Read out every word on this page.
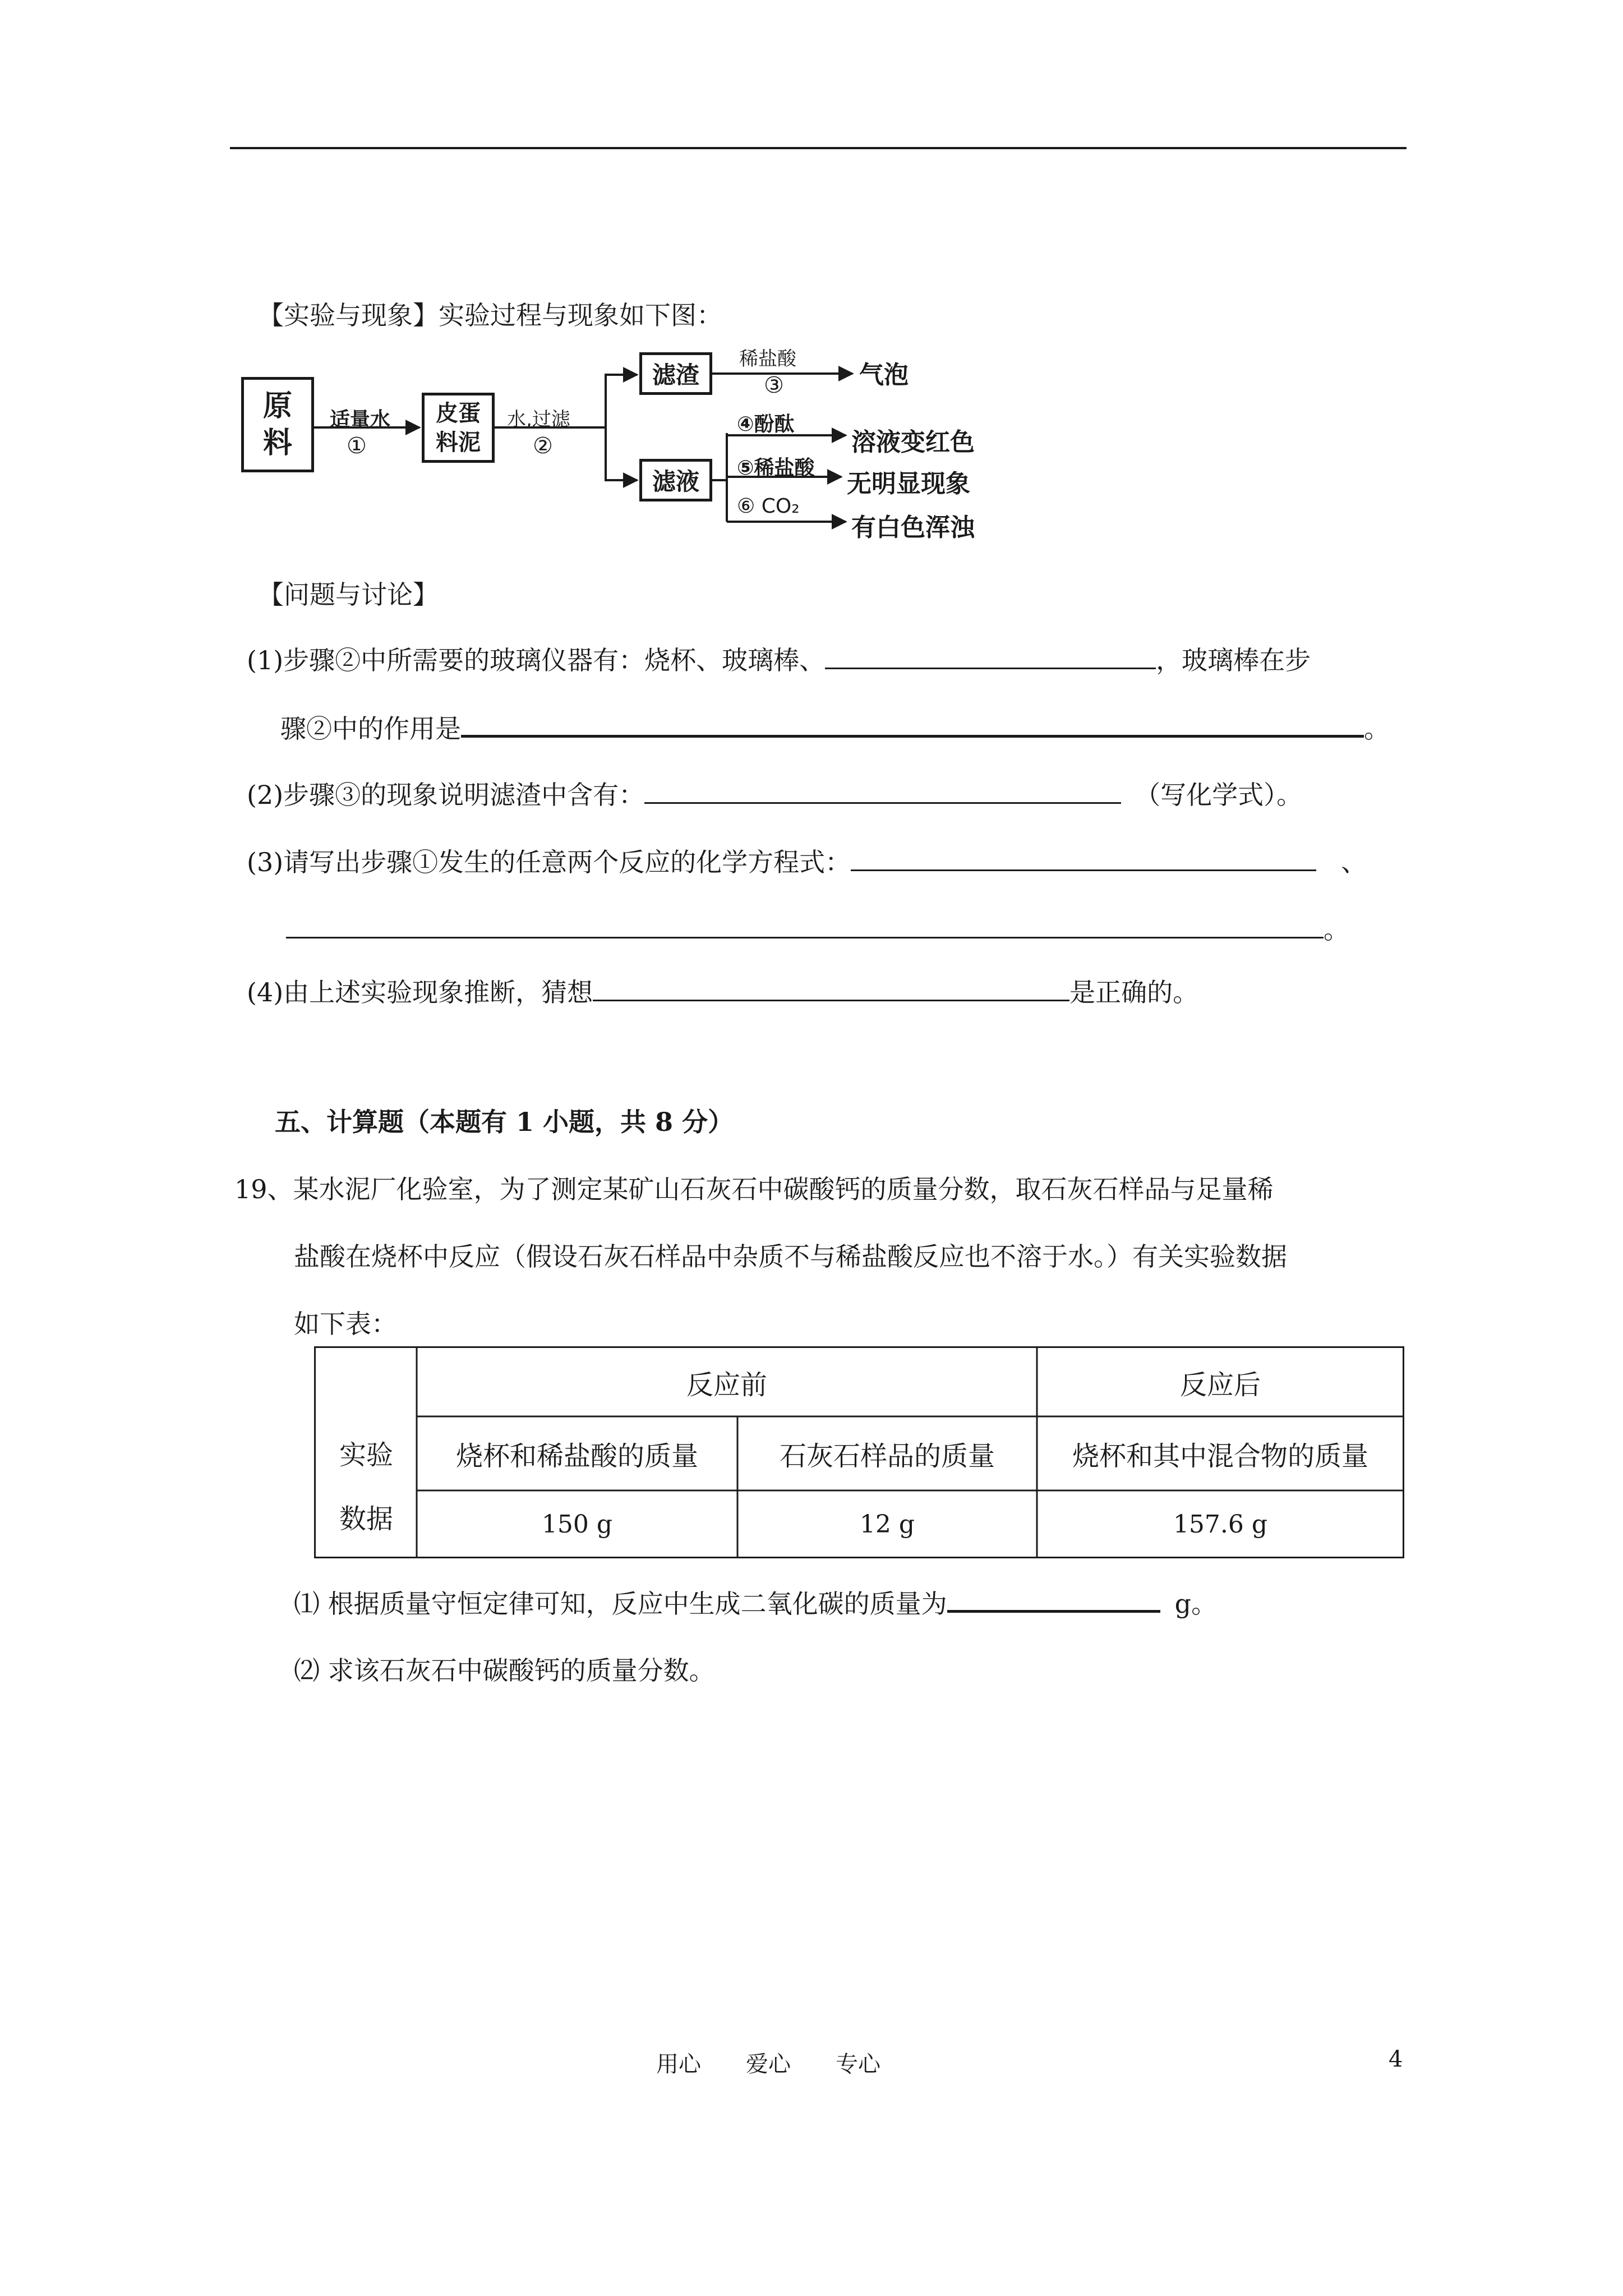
【实验与现象】实验过程与现象如下图：
原
料
适量水
①
皮蛋
料泥
水,过滤
②
滤渣
稀盐酸
③	气泡
滤液
④酚酞
溶液变红色
⑤稀盐酸
无明显现象
⑥ CO₂
有白色浑浊
【问题与讨论】
(1)步骤②中所需要的玻璃仪器有：烧杯、玻璃棒、	，玻璃棒在步
骤②中的作用是	。
(2)步骤③的现象说明滤渣中含有：	（写化学式）。
(3)请写出步骤①发生的任意两个反应的化学方程式：	、
。
(4)由上述实验现象推断，猜想	是正确的。
五、计算题（本题有 1 小题，共 8 分）
19、某水泥厂化验室，为了测定某矿山石灰石中碳酸钙的质量分数，取石灰石样品与足量稀
盐酸在烧杯中反应（假设石灰石样品中杂质不与稀盐酸反应也不溶于水。）有关实验数据
如下表：
反应前	反应后
实验
数据
烧杯和稀盐酸的质量	石灰石样品的质量	烧杯和其中混合物的质量
150 g	12 g	157.6 g
⑴ 根据质量守恒定律可知，反应中生成二氧化碳的质量为	g。
⑵ 求该石灰石中碳酸钙的质量分数。
用心　　爱心　　专心	4
